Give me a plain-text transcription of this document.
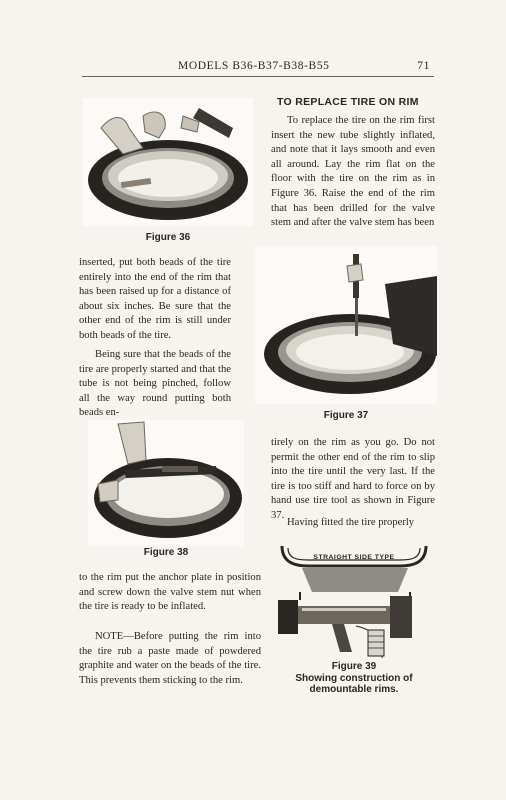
MODELS B36-B37-B38-B55	71
Figure 36
TO REPLACE TIRE ON RIM
To replace the tire on the rim first insert the new tube slightly inflated, and note that it lays smooth and even all around. Lay the rim flat on the floor with the tire on the rim as in Figure 36. Raise the end of the rim that has been drilled for the valve stem and after the valve stem has been
inserted, put both beads of the tire entirely into the end of the rim that has been raised up for a distance of about six inches. Be sure that the other end of the rim is still under both beads of the tire.
Being sure that the beads of the tire are properly started and that the tube is not being pinched, follow all the way round putting both beads en-	Figure 37
Figure 38
tirely on the rim as you go. Do not permit the other end of the rim to slip into the tire until the very last. If the tire is too stiff and hard to force on by hand use tire tool as shown in Figure 37.
Having fitted the tire properly
to the rim put the anchor plate in position and screw down the valve stem nut when the tire is ready to be inflated.
NOTE—Before putting the rim into the tire rub a paste made of powdered graphite and water on the beads of the tire. This prevents them sticking to the rim.
STRAIGHT SIDE TYPE
Figure 39
Showing construction of
demountable rims.
